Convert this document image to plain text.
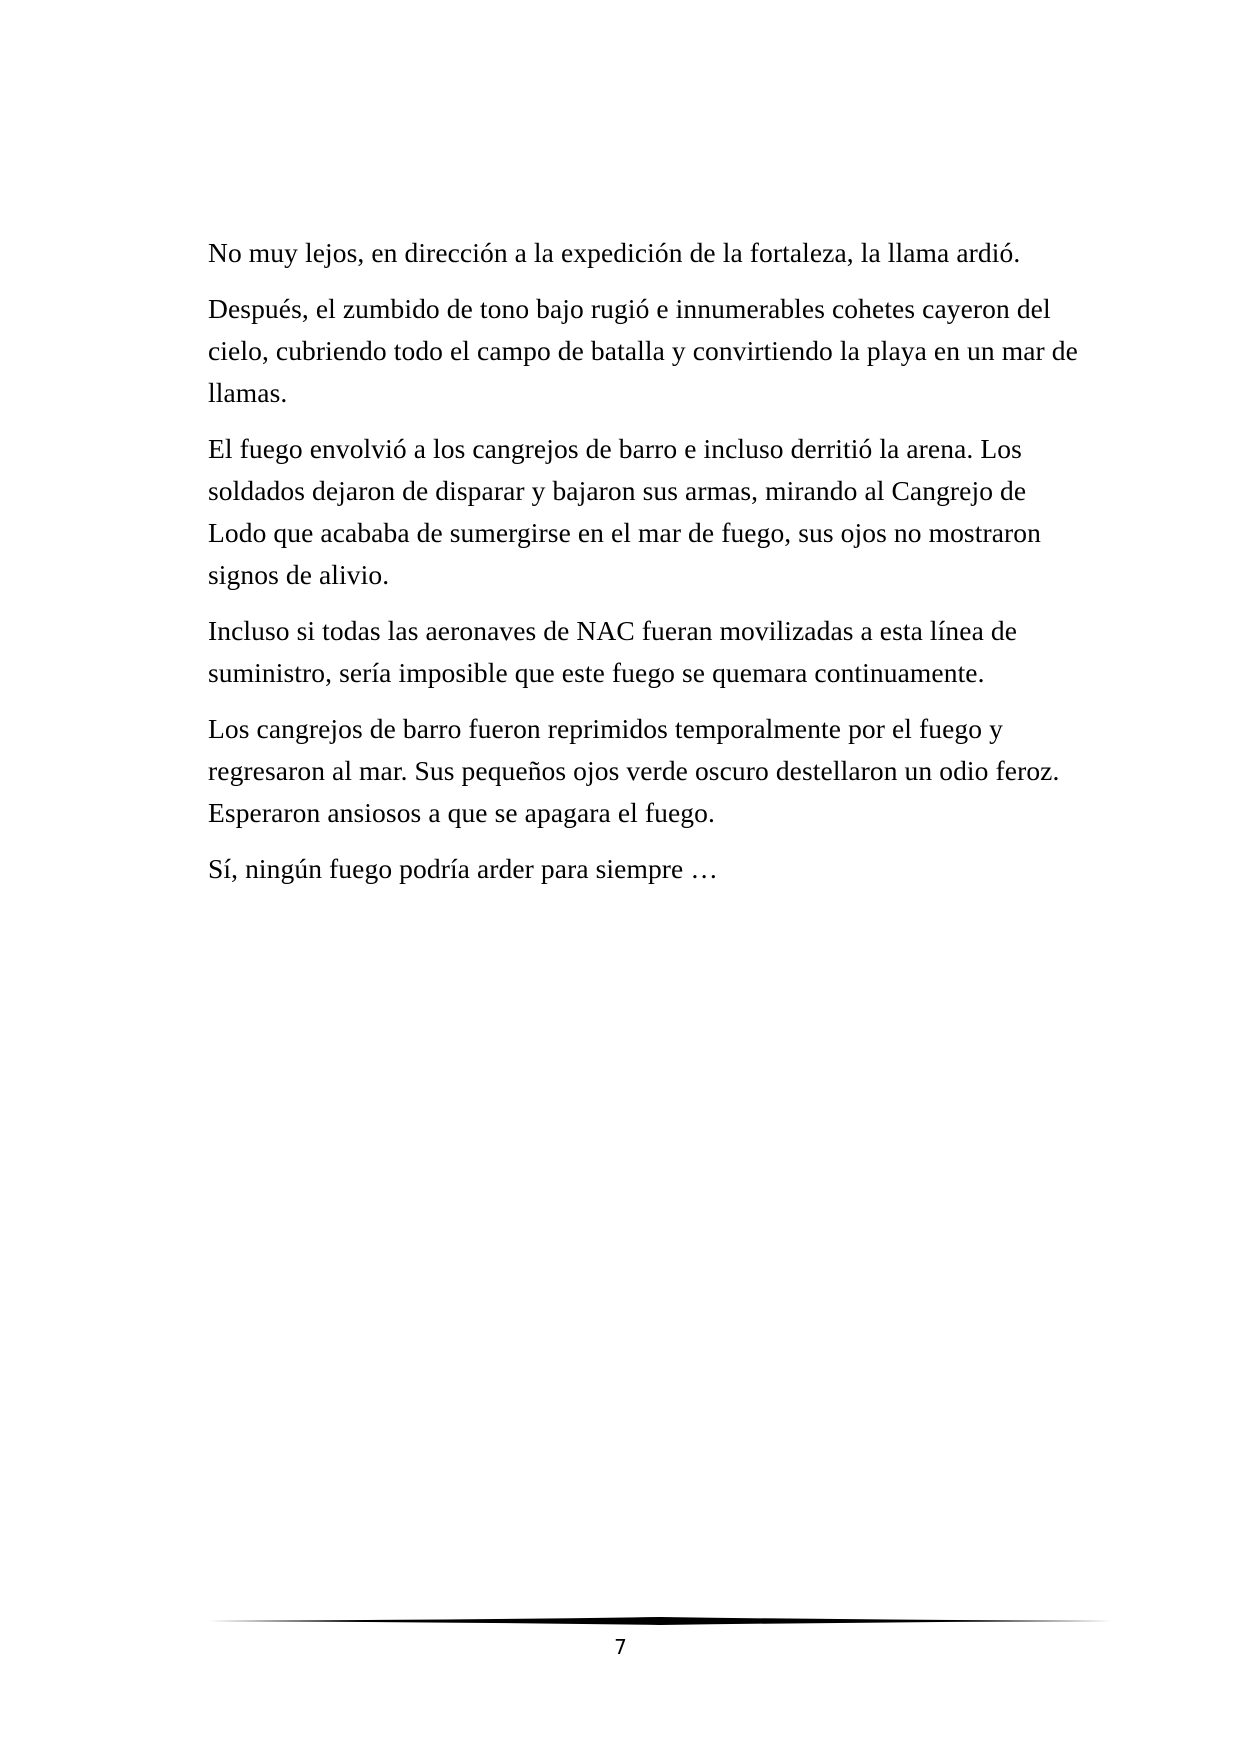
No muy lejos, en dirección a la expedición de la fortaleza, la llama ardió.

Después, el zumbido de tono bajo rugió e innumerables cohetes cayeron del cielo, cubriendo todo el campo de batalla y convirtiendo la playa en un mar de llamas.

El fuego envolvió a los cangrejos de barro e incluso derritió la arena. Los soldados dejaron de disparar y bajaron sus armas, mirando al Cangrejo de Lodo que acababa de sumergirse en el mar de fuego, sus ojos no mostraron signos de alivio.

Incluso si todas las aeronaves de NAC fueran movilizadas a esta línea de suministro, sería imposible que este fuego se quemara continuamente.

Los cangrejos de barro fueron reprimidos temporalmente por el fuego y regresaron al mar. Sus pequeños ojos verde oscuro destellaron un odio feroz. Esperaron ansiosos a que se apagara el fuego.

Sí, ningún fuego podría arder para siempre …

7
